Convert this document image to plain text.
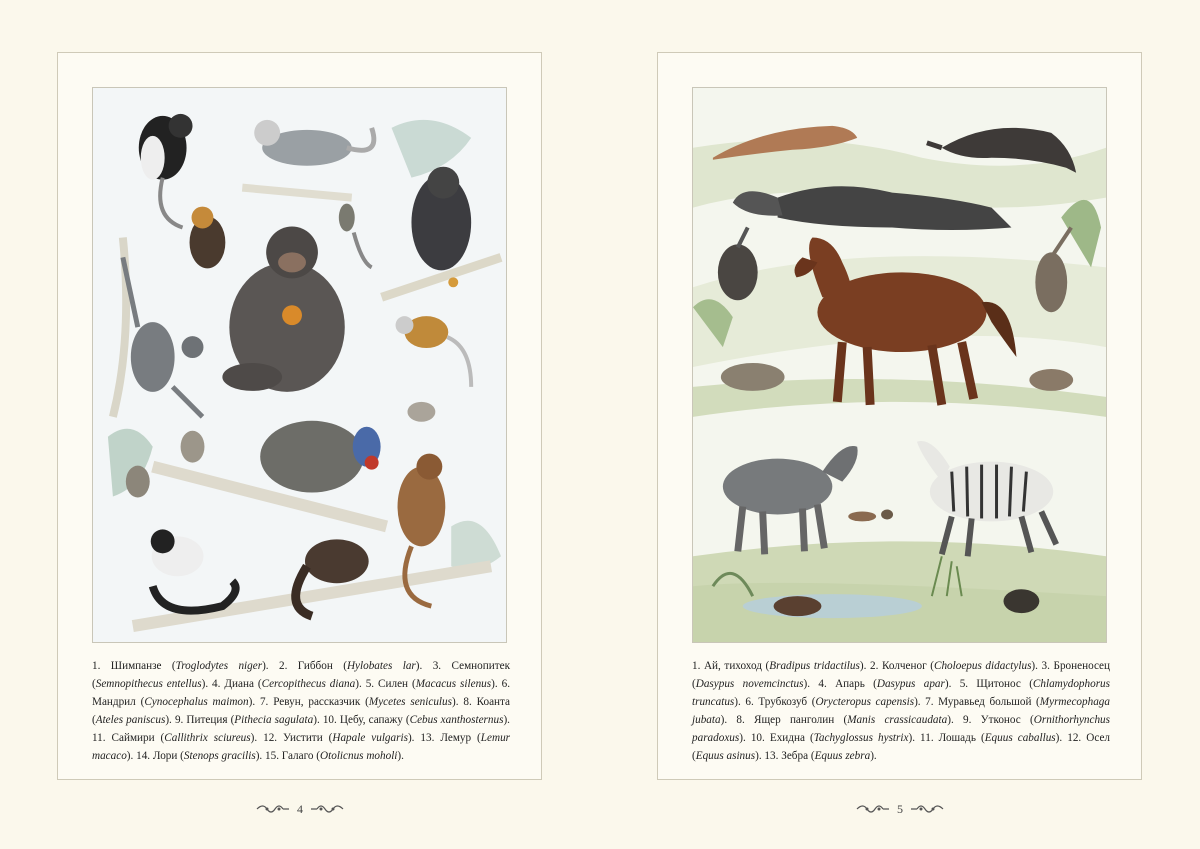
1. Шимпанзе (Troglodytes niger). 2. Гиббон (Hylobates lar). 3. Семнопитек (Semnopithecus entellus). 4. Диана (Cercopithecus diana). 5. Силен (Macacus silenus). 6. Мандрил (Cynocephalus maimon). 7. Ревун, рассказчик (Mycetes seniculus). 8. Коанта (Ateles paniscus). 9. Питеция (Pithecia sagulata). 10. Цебу, сапажу (Cebus xanthosternus). 11. Саймири (Callithrix sciureus). 12. Уистити (Hapale vulgaris). 13. Лемур (Lemur macaco). 14. Лори (Stenops gracilis). 15. Галаго (Otolicnus moholi).

4

1. Ай, тихоход (Bradipus tridactilus). 2. Колченог (Choloepus didactylus). 3. Броненосец (Dasypus novemcinctus). 4. Апарь (Dasypus apar). 5. Щитонос (Chlamydophorus truncatus). 6. Трубкозуб (Orycteropus capensis). 7. Муравьед большой (Myrmecophaga jubata). 8. Ящер панголин (Manis crassicaudata). 9. Утконос (Ornithorhynchus paradoxus). 10. Ехидна (Tachyglossus hystrix). 11. Лошадь (Equus caballus). 12. Осел (Equus asinus). 13. Зебра (Equus zebra).

5
